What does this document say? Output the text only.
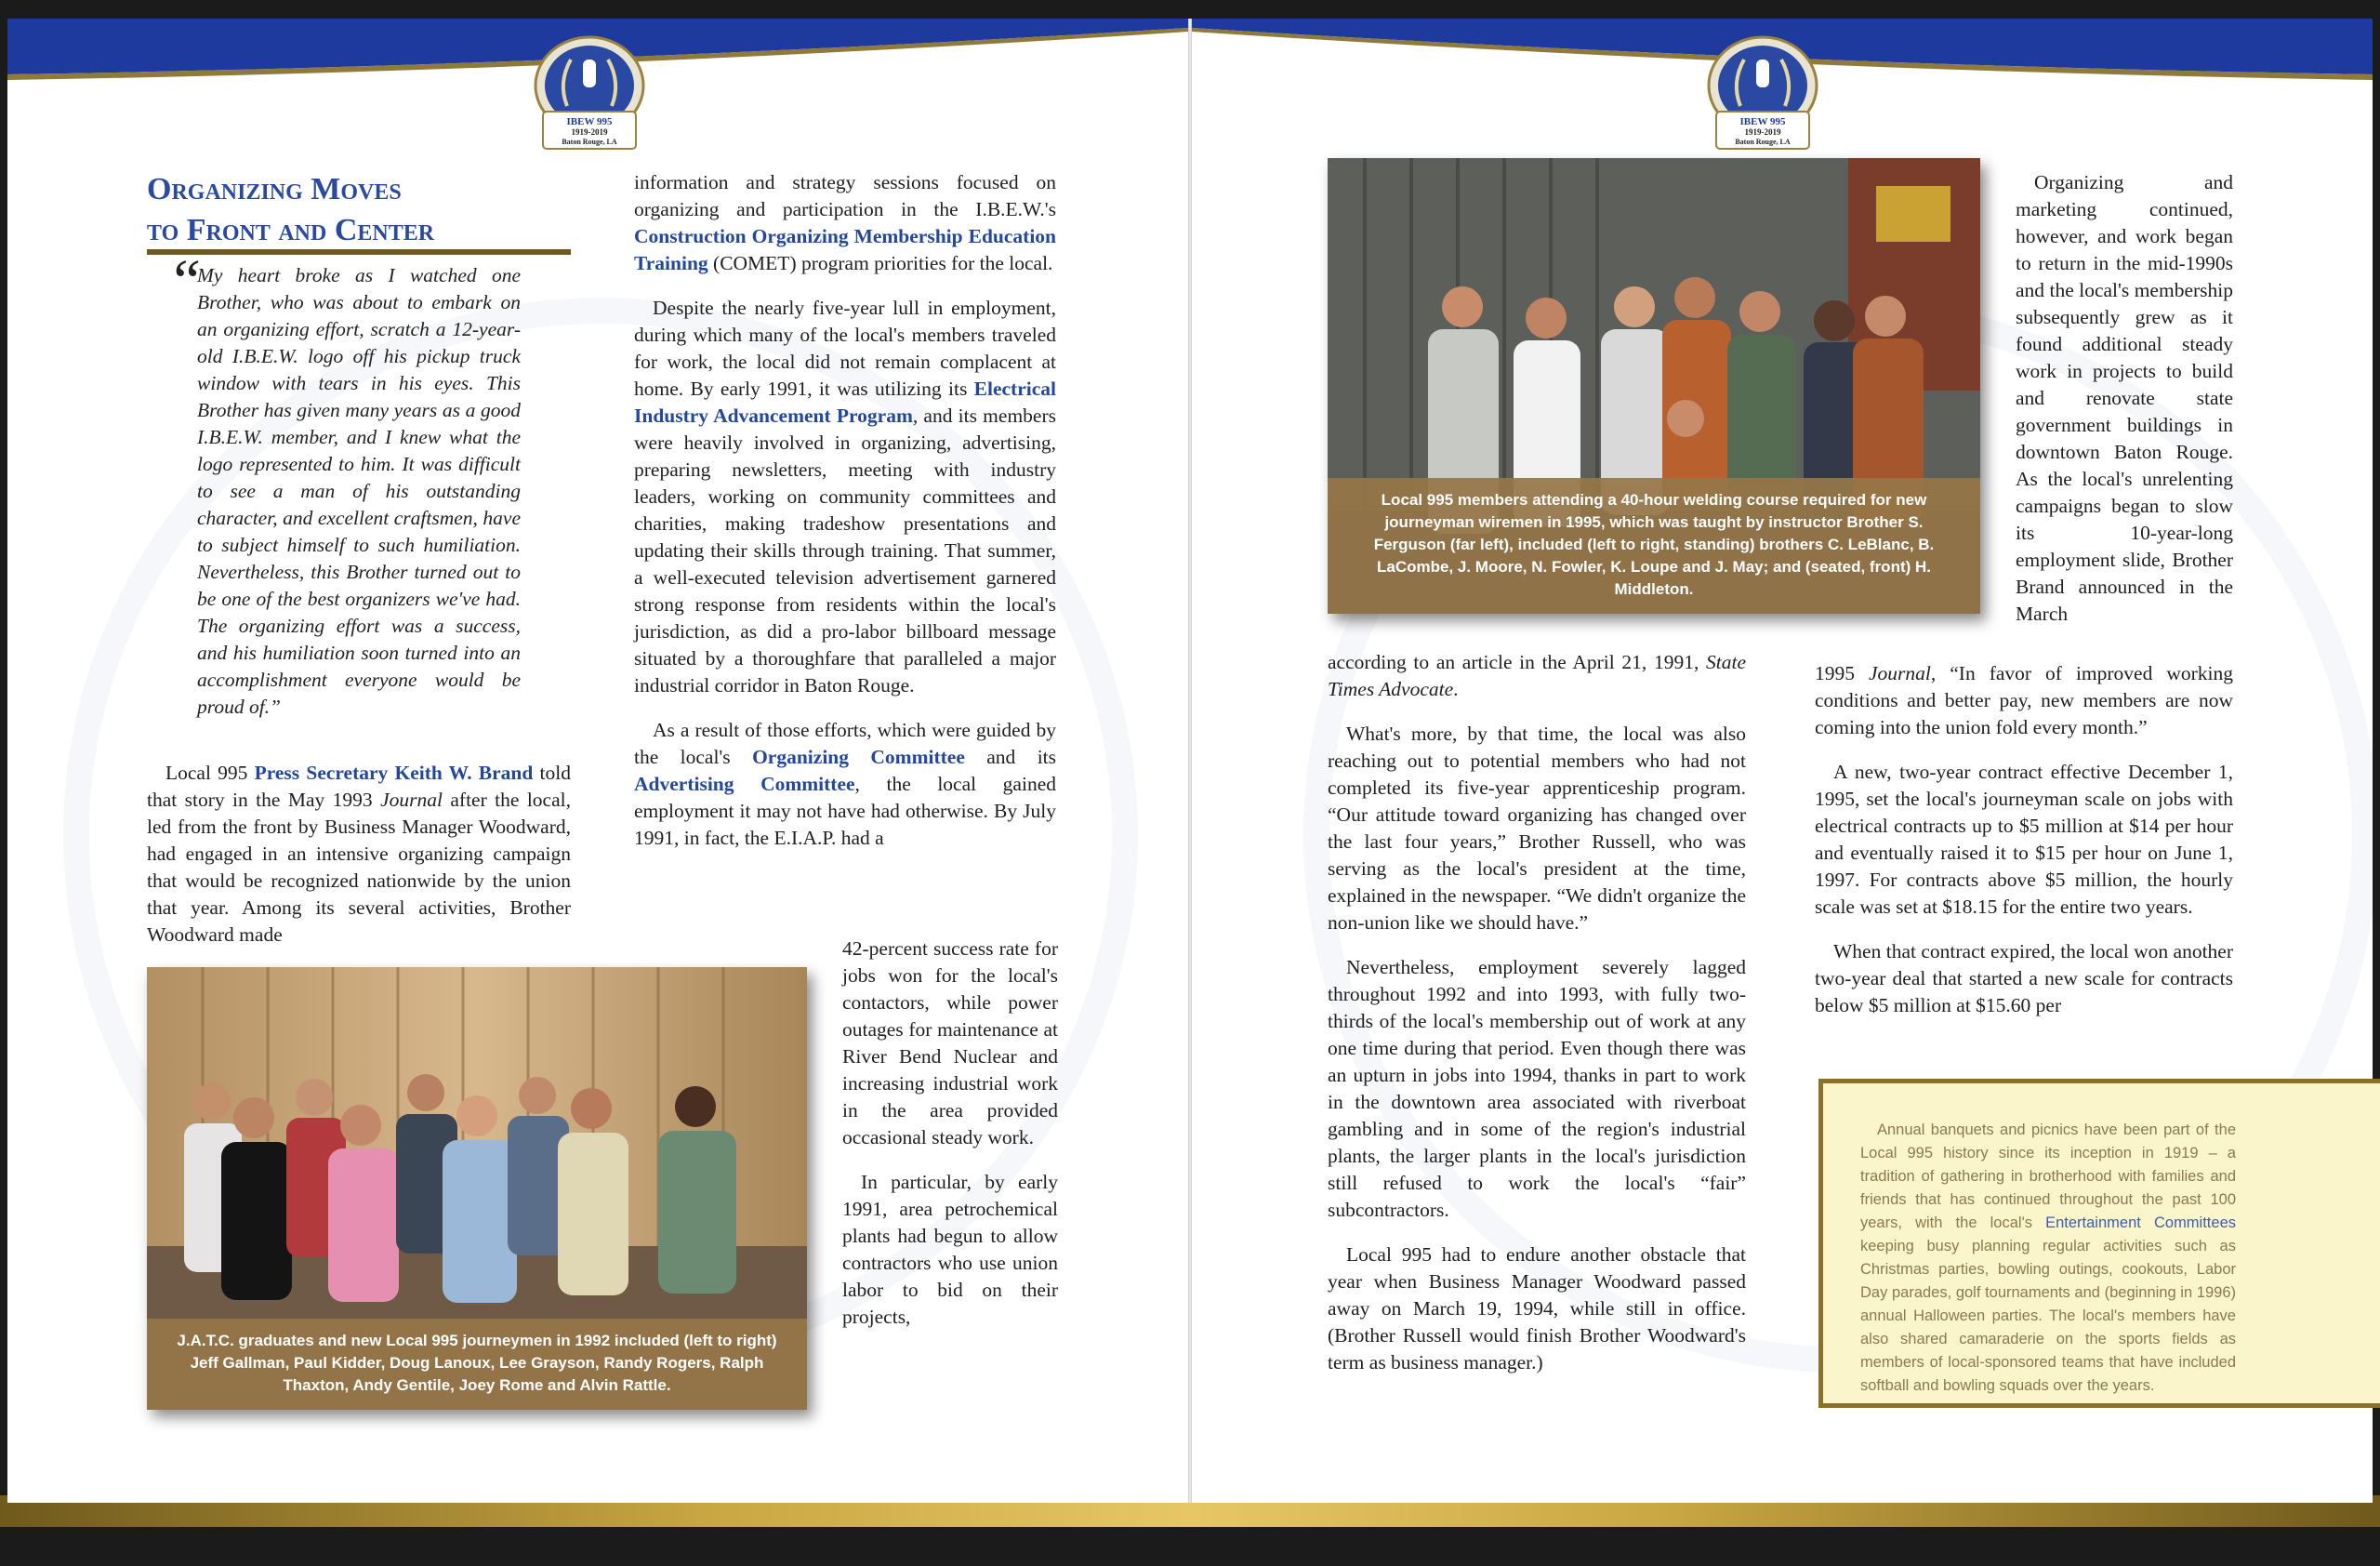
IBEW 995
1919-2019
Baton Rouge, LA
Organizing Moves
to Front and Center
“
My heart broke as I watched one Brother, who was about to embark on an organizing effort, scratch a 12-year-old I.B.E.W. logo off his pickup truck window with tears in his eyes. This Brother has given many years as a good I.B.E.W. member, and I knew what the logo represented to him. It was difficult to see a man of his outstanding character, and excellent craftsmen, have to subject himself to such humiliation. Nevertheless, this Brother turned out to be one of the best organizers we've had. The organizing effort was a success, and his humiliation soon turned into an accomplishment everyone would be proud of.”

Local 995 Press Secretary Keith W. Brand told that story in the May 1993 Journal after the local, led from the front by Business Manager Woodward, had engaged in an intensive organizing campaign that would be recognized nationwide by the union that year. Among its several activities, Brother Woodward made

information and strategy sessions focused on organizing and participation in the I.B.E.W.'s Construction Organizing Membership Education Training (COMET) program priorities for the local.

Despite the nearly five-year lull in employment, during which many of the local's members traveled for work, the local did not remain complacent at home. By early 1991, it was utilizing its Electrical Industry Advancement Program, and its members were heavily involved in organizing, advertising, preparing newsletters, meeting with industry leaders, working on community committees and charities, making tradeshow presentations and updating their skills through training. That summer, a well-executed television advertisement garnered strong response from residents within the local's jurisdiction, as did a pro-labor billboard message situated by a thoroughfare that paralleled a major industrial corridor in Baton Rouge.

As a result of those efforts, which were guided by the local's Organizing Committee and its Advertising Committee, the local gained employment it may not have had otherwise. By July 1991, in fact, the E.I.A.P. had a

42-percent success rate for jobs won for the local's contactors, while power outages for maintenance at River Bend Nuclear and increasing industrial work in the area provided occasional steady work.

In particular, by early 1991, area petrochemical plants had begun to allow contractors who use union labor to bid on their projects,

J.A.T.C. graduates and new Local 995 journeymen in 1992 included (left to right) Jeff Gallman, Paul Kidder, Doug Lanoux, Lee Grayson, Randy Rogers, Ralph Thaxton, Andy Gentile, Joey Rome and Alvin Rattle.
IBEW 995
1919-2019
Baton Rouge, LA
Local 995 members attending a 40-hour welding course required for new journeyman wiremen in 1995, which was taught by instructor Brother S. Ferguson (far left), included (left to right, standing) brothers C. LeBlanc, B. LaCombe, J. Moore, N. Fowler, K. Loupe and J. May; and (seated, front) H. Middleton.

according to an article in the April 21, 1991, State Times Advocate.

What's more, by that time, the local was also reaching out to potential members who had not completed its five-year apprenticeship program. “Our attitude toward organizing has changed over the last four years,” Brother Russell, who was serving as the local's president at the time, explained in the newspaper. “We didn't organize the non-union like we should have.”

Nevertheless, employment severely lagged throughout 1992 and into 1993, with fully two-thirds of the local's membership out of work at any one time during that period. Even though there was an upturn in jobs into 1994, thanks in part to work in the downtown area associated with riverboat gambling and in some of the region's industrial plants, the larger plants in the local's jurisdiction still refused to work the local's “fair” subcontractors.

Local 995 had to endure another obstacle that year when Business Manager Woodward passed away on March 19, 1994, while still in office. (Brother Russell would finish Brother Woodward's term as business manager.)

Organizing and marketing continued, however, and work began to return in the mid-1990s and the local's membership subsequently grew as it found additional steady work in projects to build and renovate state government buildings in downtown Baton Rouge. As the local's unrelenting campaigns began to slow its 10-year-long employment slide, Brother Brand announced in the March

1995 Journal, “In favor of improved working conditions and better pay, new members are now coming into the union fold every month.”

A new, two-year contract effective December 1, 1995, set the local's journeyman scale on jobs with electrical contracts up to $5 million at $14 per hour and eventually raised it to $15 per hour on June 1, 1997. For contracts above $5 million, the hourly scale was set at $18.15 for the entire two years.

When that contract expired, the local won another two-year deal that started a new scale for contracts below $5 million at $15.60 per

Annual banquets and picnics have been part of the Local 995 history since its inception in 1919 – a tradition of gathering in brotherhood with families and friends that has continued throughout the past 100 years, with the local's Entertainment Committees keeping busy planning regular activities such as Christmas parties, bowling outings, cookouts, Labor Day parades, golf tournaments and (beginning in 1996) annual Halloween parties. The local's members have also shared camaraderie on the sports fields as members of local-sponsored teams that have included softball and bowling squads over the years.
